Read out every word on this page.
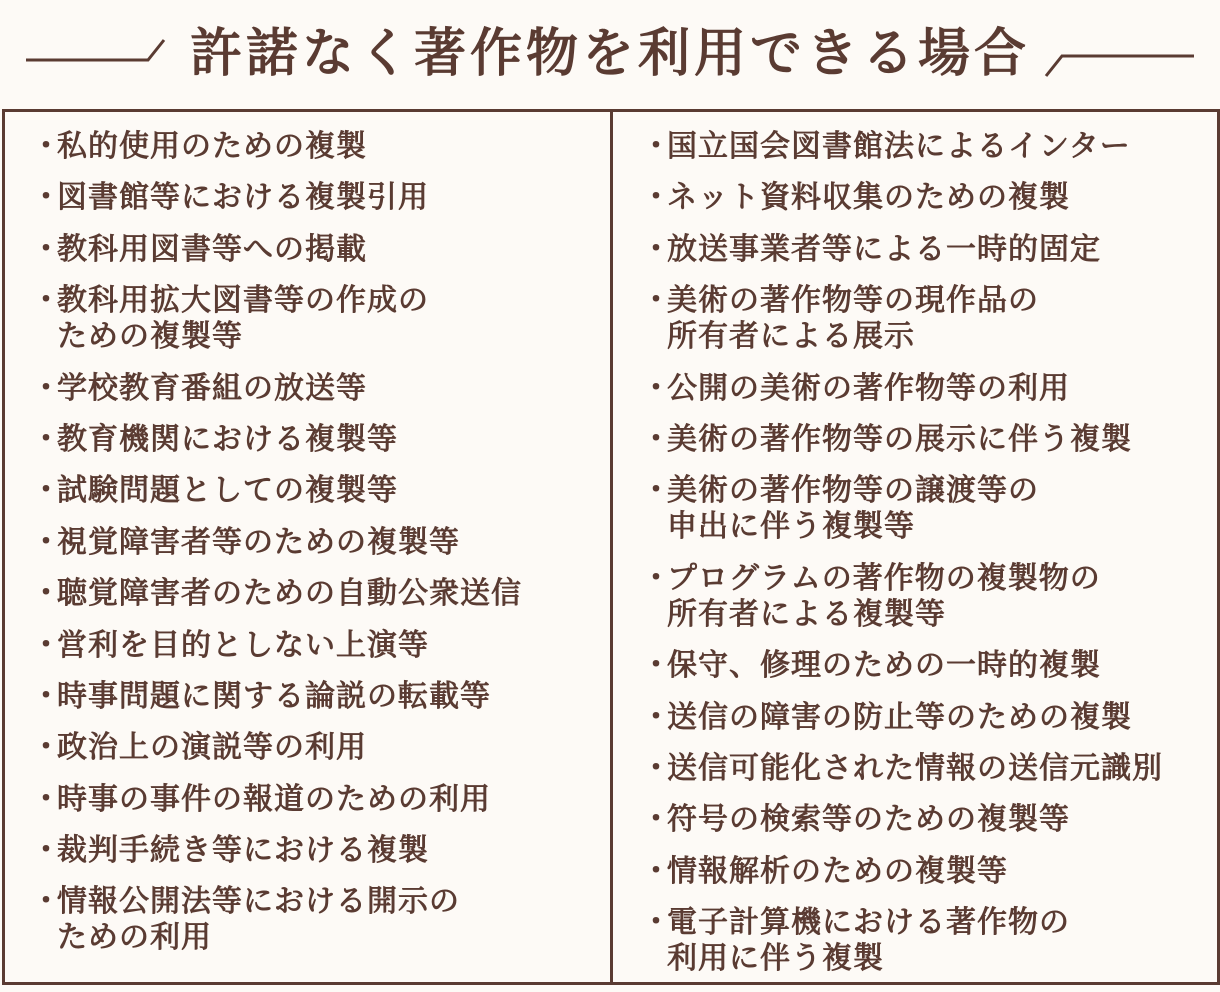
許諾なく著作物を利用できる場合
・
私的使用のための複製
・
図書館等における複製引用
・
教科用図書等への掲載
・
教科用拡大図書等の作成の
ための複製等
・
学校教育番組の放送等
・
教育機関における複製等
・
試験問題としての複製等
・
視覚障害者等のための複製等
・
聴覚障害者のための自動公衆送信
・
営利を目的としない上演等
・
時事問題に関する論説の転載等
・
政治上の演説等の利用
・
時事の事件の報道のための利用
・
裁判手続き等における複製
・
情報公開法等における開示の
ための利用
・
国立国会図書館法によるインター
・
ネット資料収集のための複製
・
放送事業者等による一時的固定
・
美術の著作物等の現作品の
所有者による展示
・
公開の美術の著作物等の利用
・
美術の著作物等の展示に伴う複製
・
美術の著作物等の譲渡等の
申出に伴う複製等
・
プログラムの著作物の複製物の
所有者による複製等
・
保守、修理のための一時的複製
・
送信の障害の防止等のための複製
・
送信可能化された情報の送信元識別
・
符号の検索等のための複製等
・
情報解析のための複製等
・
電子計算機における著作物の
利用に伴う複製
